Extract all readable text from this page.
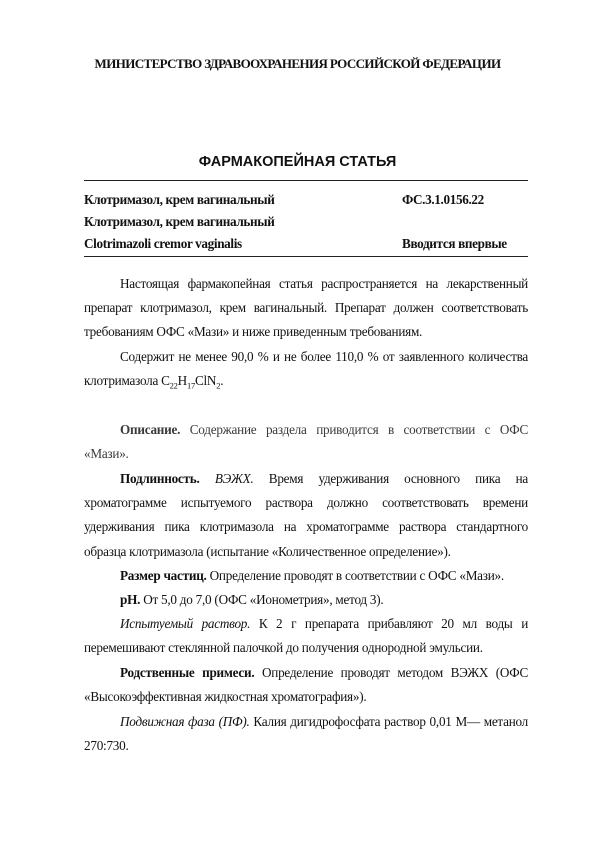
МИНИСТЕРСТВО ЗДРАВООХРАНЕНИЯ РОССИЙСКОЙ ФЕДЕРАЦИИ
ФАРМАКОПЕЙНАЯ СТАТЬЯ
Клотримазол, крем вагинальный	ФС.3.1.0156.22
Клотримазол, крем вагинальный
Clotrimazoli cremor vaginalis	Вводится впервые

Настоящая фармакопейная статья распространяется на лекарственный препарат клотримазол, крем вагинальный. Препарат должен соответствовать требованиям ОФС «Мази» и ниже приведенным требованиям.

Содержит не менее 90,0 % и не более 110,0 % от заявленного количества клотримазола $C_{22}H_{17}ClN_2$.

Описание. Содержание раздела приводится в соответствии с ОФС «Мази».

Подлинность. ВЭЖХ. Время удерживания основного пика на хроматограмме испытуемого раствора должно соответствовать времени удерживания пика клотримазола на хроматограмме раствора стандартного образца клотримазола (испытание «Количественное определение»).

Размер частиц. Определение проводят в соответствии с ОФС «Мази».

рН. От 5,0 до 7,0 (ОФС «Ионометрия», метод 3).

Испытуемый раствор. К 2 г препарата прибавляют 20 мл воды и перемешивают стеклянной палочкой до получения однородной эмульсии.

Родственные примеси. Определение проводят методом ВЭЖХ (ОФС «Высокоэффективная жидкостная хроматография»).

Подвижная фаза (ПФ). Калия дигидрофосфата раствор 0,01 М— метанол 270:730.
